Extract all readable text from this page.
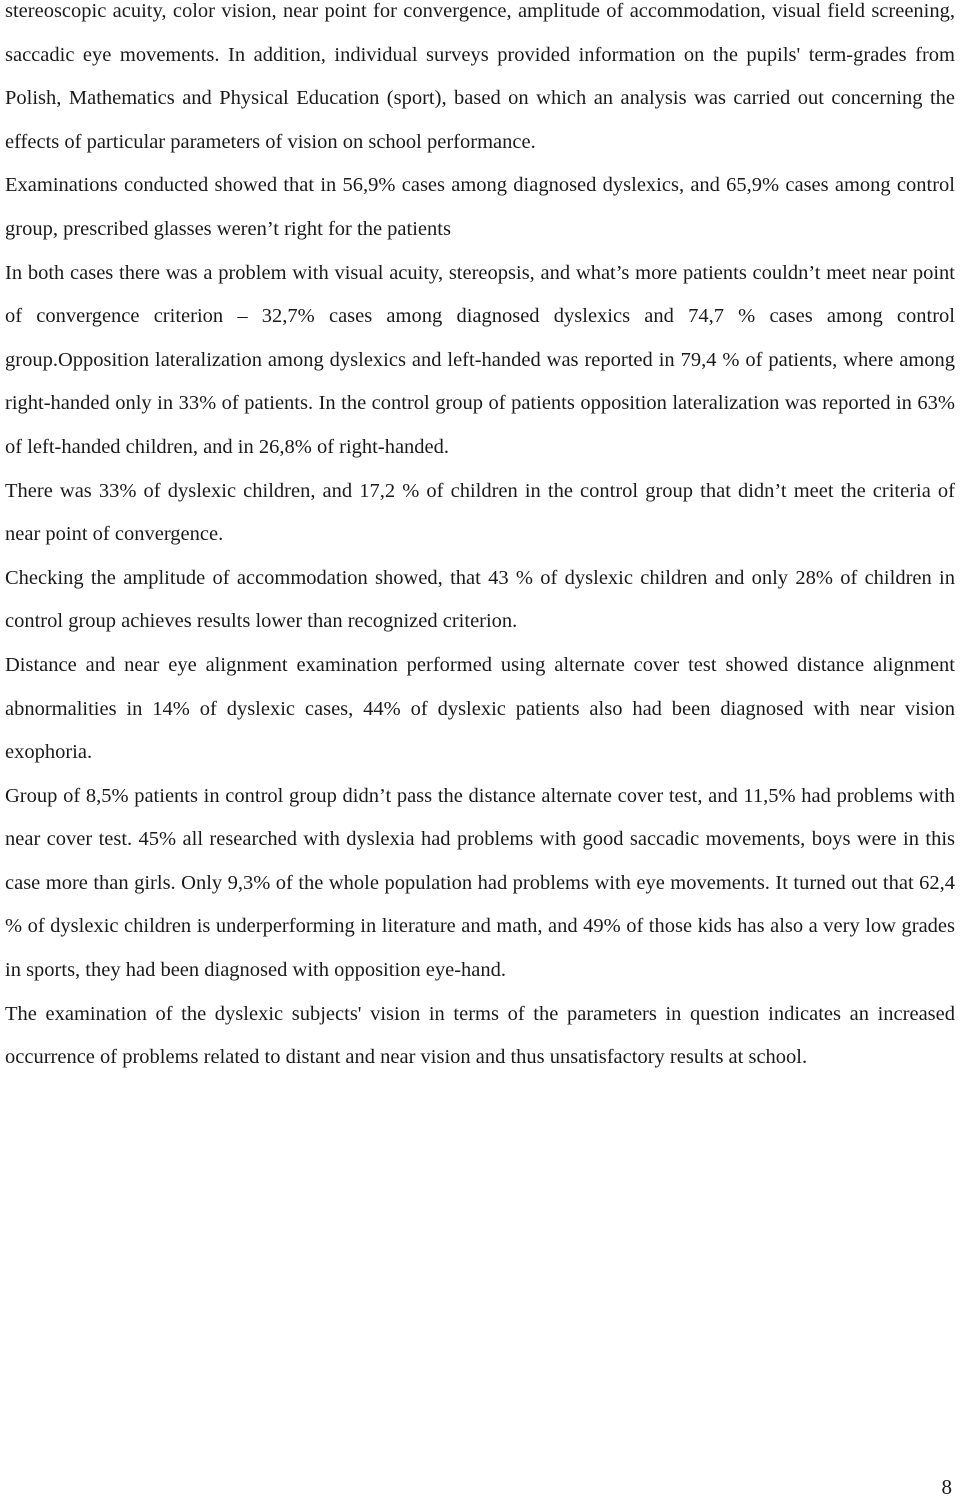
stereoscopic acuity, color vision, near point for convergence, amplitude of accommodation, visual field screening, saccadic eye movements. In addition, individual surveys provided information on the pupils' term-grades from Polish, Mathematics and Physical Education (sport), based on which an analysis was carried out concerning the effects of particular parameters of vision on school performance.

Examinations conducted showed that in 56,9% cases among diagnosed dyslexics, and 65,9% cases among control group, prescribed glasses weren’t right for the patients

In both cases there was a problem with visual acuity, stereopsis, and what’s more patients couldn’t meet near point of convergence criterion – 32,7% cases among diagnosed dyslexics and 74,7 % cases among control group.Opposition lateralization among dyslexics and left-handed was reported in 79,4 % of patients, where among right-handed only in 33% of patients. In the control group of patients opposition lateralization was reported in 63% of left-handed children, and in 26,8% of right-handed.

There was 33% of dyslexic children, and 17,2 % of children in the control group that didn’t meet the criteria of near point of convergence.

Checking the amplitude of accommodation showed, that 43 % of dyslexic children and only 28% of children in control group achieves results lower than recognized criterion.

Distance and near eye alignment examination performed using alternate cover test showed distance alignment abnormalities in 14% of dyslexic cases, 44% of dyslexic patients also had been diagnosed with near vision exophoria.

Group of 8,5% patients in control group didn’t pass the distance alternate cover test, and 11,5% had problems with near cover test. 45% all researched with dyslexia had problems with good saccadic movements, boys were in this case more than girls. Only 9,3% of the whole population had problems with eye movements. It turned out that 62,4 % of dyslexic children is underperforming in literature and math, and 49% of those kids has also a very low grades in sports, they had been diagnosed with opposition eye-hand.

The examination of the dyslexic subjects' vision in terms of the parameters in question indicates an increased occurrence of problems related to distant and near vision and thus unsatisfactory results at school.

8
